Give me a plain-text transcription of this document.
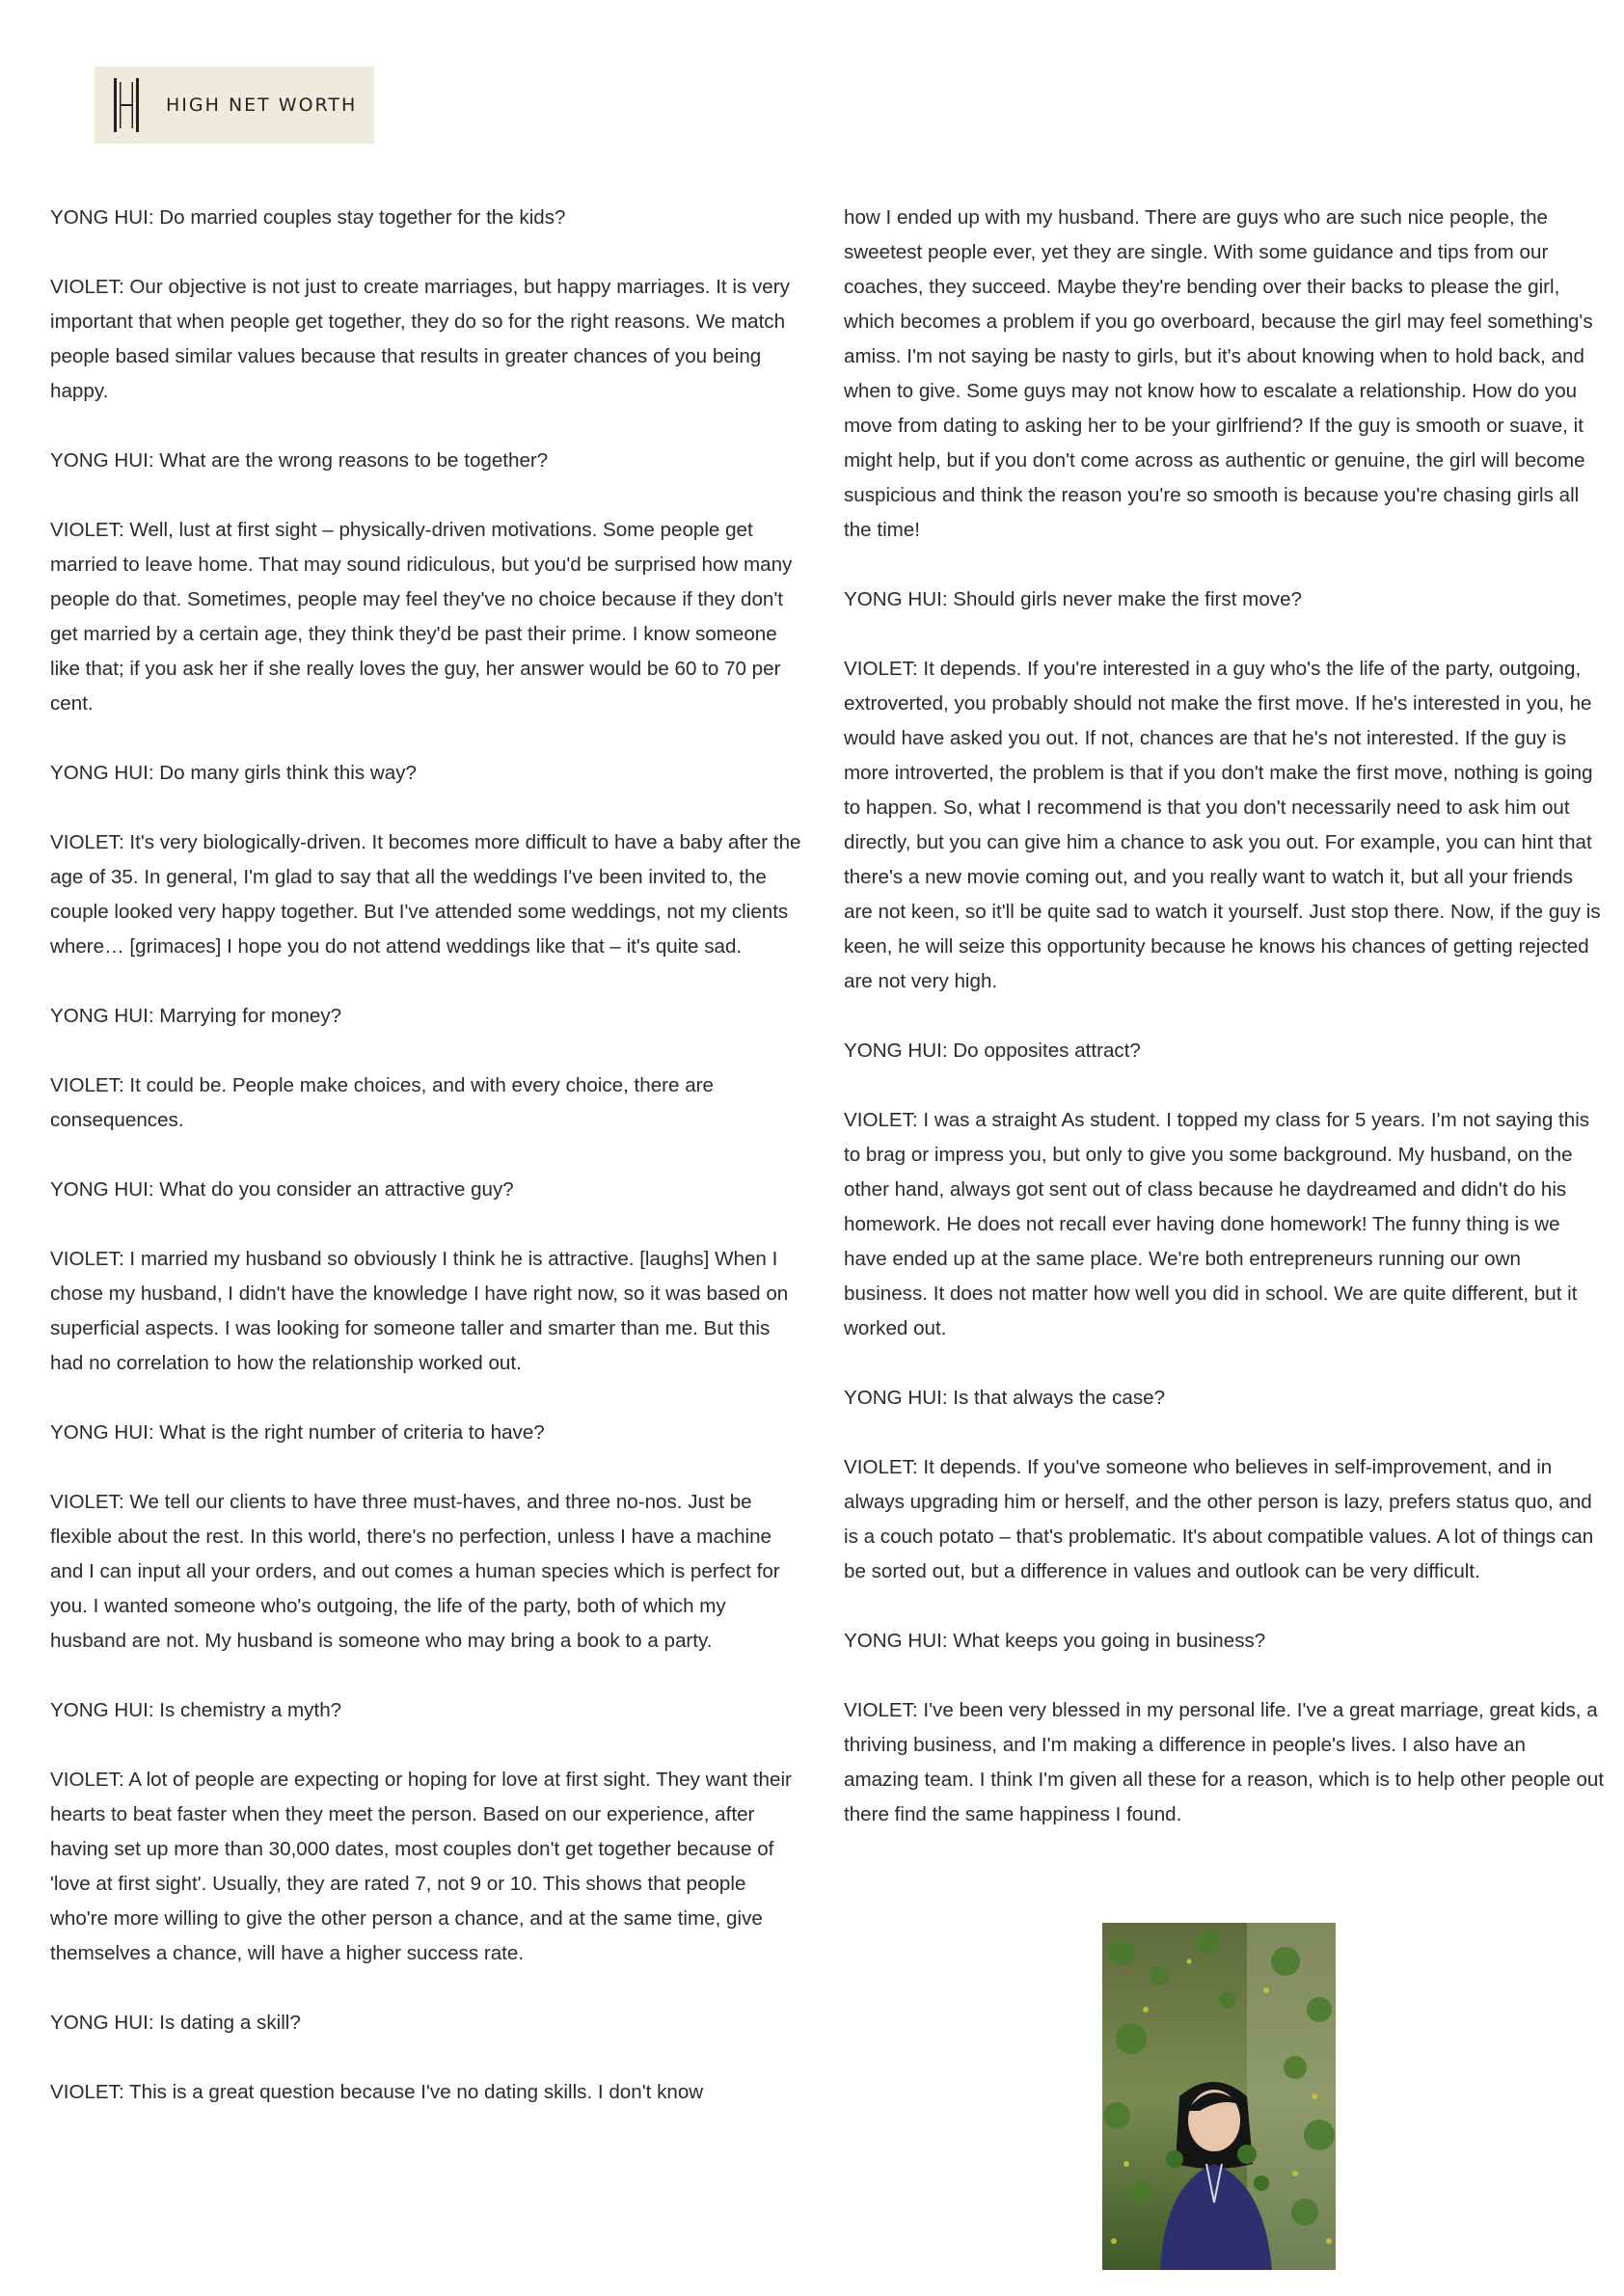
HIGH NET WORTH

YONG HUI: Do married couples stay together for the kids?

VIOLET: Our objective is not just to create marriages, but happy marriages. It is very important that when people get together, they do so for the right reasons. We match people based similar values because that results in greater chances of you being happy.

YONG HUI: What are the wrong reasons to be together?

VIOLET: Well, lust at first sight – physically-driven motivations. Some people get married to leave home. That may sound ridiculous, but you'd be surprised how many people do that. Sometimes, people may feel they've no choice because if they don't get married by a certain age, they think they'd be past their prime. I know someone like that; if you ask her if she really loves the guy, her answer would be 60 to 70 per cent.

YONG HUI: Do many girls think this way?

VIOLET: It's very biologically-driven. It becomes more difficult to have a baby after the age of 35. In general, I'm glad to say that all the weddings I've been invited to, the couple looked very happy together. But I've attended some weddings, not my clients where… [grimaces] I hope you do not attend weddings like that – it's quite sad.

YONG HUI: Marrying for money?

VIOLET: It could be. People make choices, and with every choice, there are consequences.

YONG HUI: What do you consider an attractive guy?

VIOLET: I married my husband so obviously I think he is attractive. [laughs] When I chose my husband, I didn't have the knowledge I have right now, so it was based on superficial aspects. I was looking for someone taller and smarter than me. But this had no correlation to how the relationship worked out.

YONG HUI: What is the right number of criteria to have?

VIOLET: We tell our clients to have three must-haves, and three no-nos. Just be flexible about the rest. In this world, there's no perfection, unless I have a machine and I can input all your orders, and out comes a human species which is perfect for you. I wanted someone who's outgoing, the life of the party, both of which my husband are not. My husband is someone who may bring a book to a party.

YONG HUI: Is chemistry a myth?

VIOLET: A lot of people are expecting or hoping for love at first sight. They want their hearts to beat faster when they meet the person. Based on our experience, after having set up more than 30,000 dates, most couples don't get together because of 'love at first sight'. Usually, they are rated 7, not 9 or 10. This shows that people who're more willing to give the other person a chance, and at the same time, give themselves a chance, will have a higher success rate.

YONG HUI: Is dating a skill?

VIOLET: This is a great question because I've no dating skills. I don't know

how I ended up with my husband. There are guys who are such nice people, the sweetest people ever, yet they are single. With some guidance and tips from our coaches, they succeed. Maybe they're bending over their backs to please the girl, which becomes a problem if you go overboard, because the girl may feel something's amiss. I'm not saying be nasty to girls, but it's about knowing when to hold back, and when to give. Some guys may not know how to escalate a relationship. How do you move from dating to asking her to be your girlfriend? If the guy is smooth or suave, it might help, but if you don't come across as authentic or genuine, the girl will become suspicious and think the reason you're so smooth is because you're chasing girls all the time!

YONG HUI: Should girls never make the first move?

VIOLET: It depends. If you're interested in a guy who's the life of the party, outgoing, extroverted, you probably should not make the first move. If he's interested in you, he would have asked you out. If not, chances are that he's not interested. If the guy is more introverted, the problem is that if you don't make the first move, nothing is going to happen. So, what I recommend is that you don't necessarily need to ask him out directly, but you can give him a chance to ask you out. For example, you can hint that there's a new movie coming out, and you really want to watch it, but all your friends are not keen, so it'll be quite sad to watch it yourself. Just stop there. Now, if the guy is keen, he will seize this opportunity because he knows his chances of getting rejected are not very high.

YONG HUI: Do opposites attract?

VIOLET: I was a straight As student. I topped my class for 5 years. I'm not saying this to brag or impress you, but only to give you some background. My husband, on the other hand, always got sent out of class because he daydreamed and didn't do his homework. He does not recall ever having done homework! The funny thing is we have ended up at the same place. We're both entrepreneurs running our own business. It does not matter how well you did in school. We are quite different, but it worked out.

YONG HUI: Is that always the case?

VIOLET: It depends. If you've someone who believes in self-improvement, and in always upgrading him or herself, and the other person is lazy, prefers status quo, and is a couch potato – that's problematic. It's about compatible values. A lot of things can be sorted out, but a difference in values and outlook can be very difficult.

YONG HUI: What keeps you going in business?

VIOLET: I've been very blessed in my personal life. I've a great marriage, great kids, a thriving business, and I'm making a difference in people's lives. I also have an amazing team. I think I'm given all these for a reason, which is to help other people out there find the same happiness I found.
